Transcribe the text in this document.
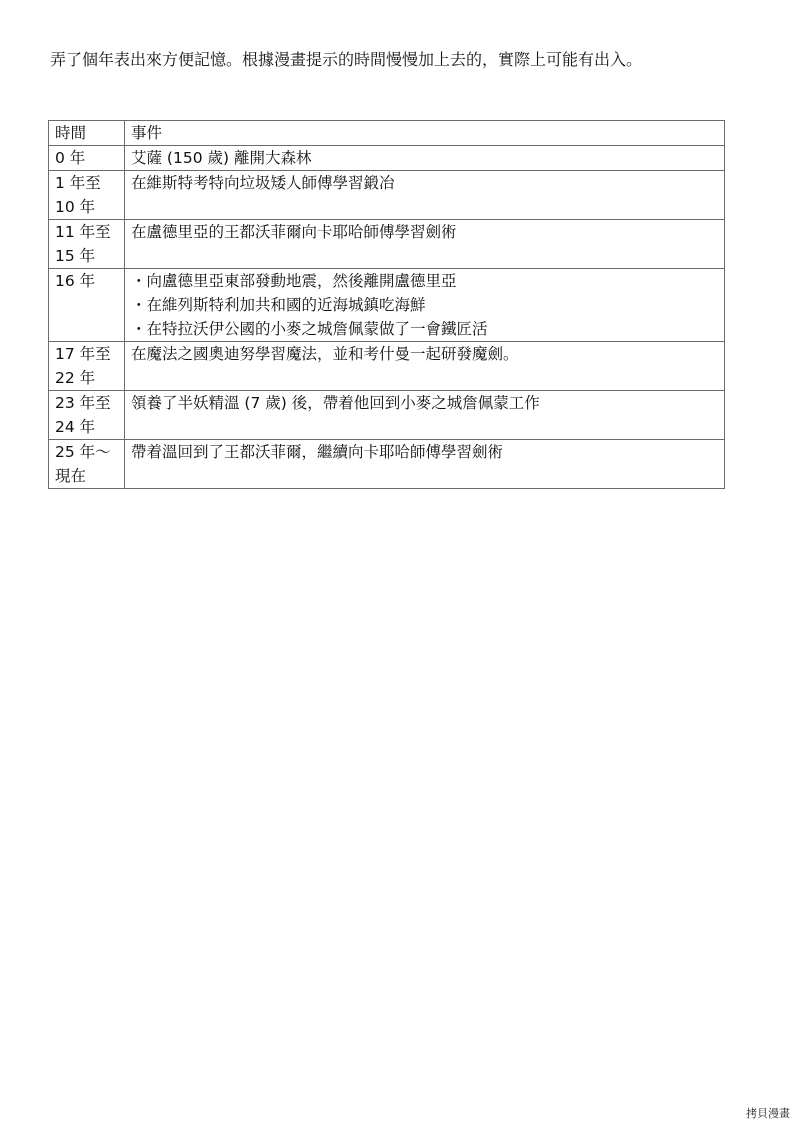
弄了個年表出來方便記憶。根據漫畫提示的時間慢慢加上去的，實際上可能有出入。
時間	事件
0 年	艾薩 (150 歲) 離開大森林

1 年至 10 年	在維斯特考特向垃圾矮人師傅學習鍛冶

11 年至 15 年	在盧德里亞的王都沃菲爾向卡耶哈師傅學習劍術

16 年	・向盧德里亞東部發動地震，然後離開盧德里亞
・在維列斯特利加共和國的近海城鎮吃海鮮
・在特拉沃伊公國的小麥之城詹佩蒙做了一會鐵匠活

17 年至 22 年	在魔法之國奧迪努學習魔法，並和考什曼一起研發魔劍。

23 年至 24 年	領養了半妖精溫 (7 歲) 後，帶着他回到小麥之城詹佩蒙工作

25 年～現在	帶着溫回到了王都沃菲爾，繼續向卡耶哈師傅學習劍術
拷貝漫畫
